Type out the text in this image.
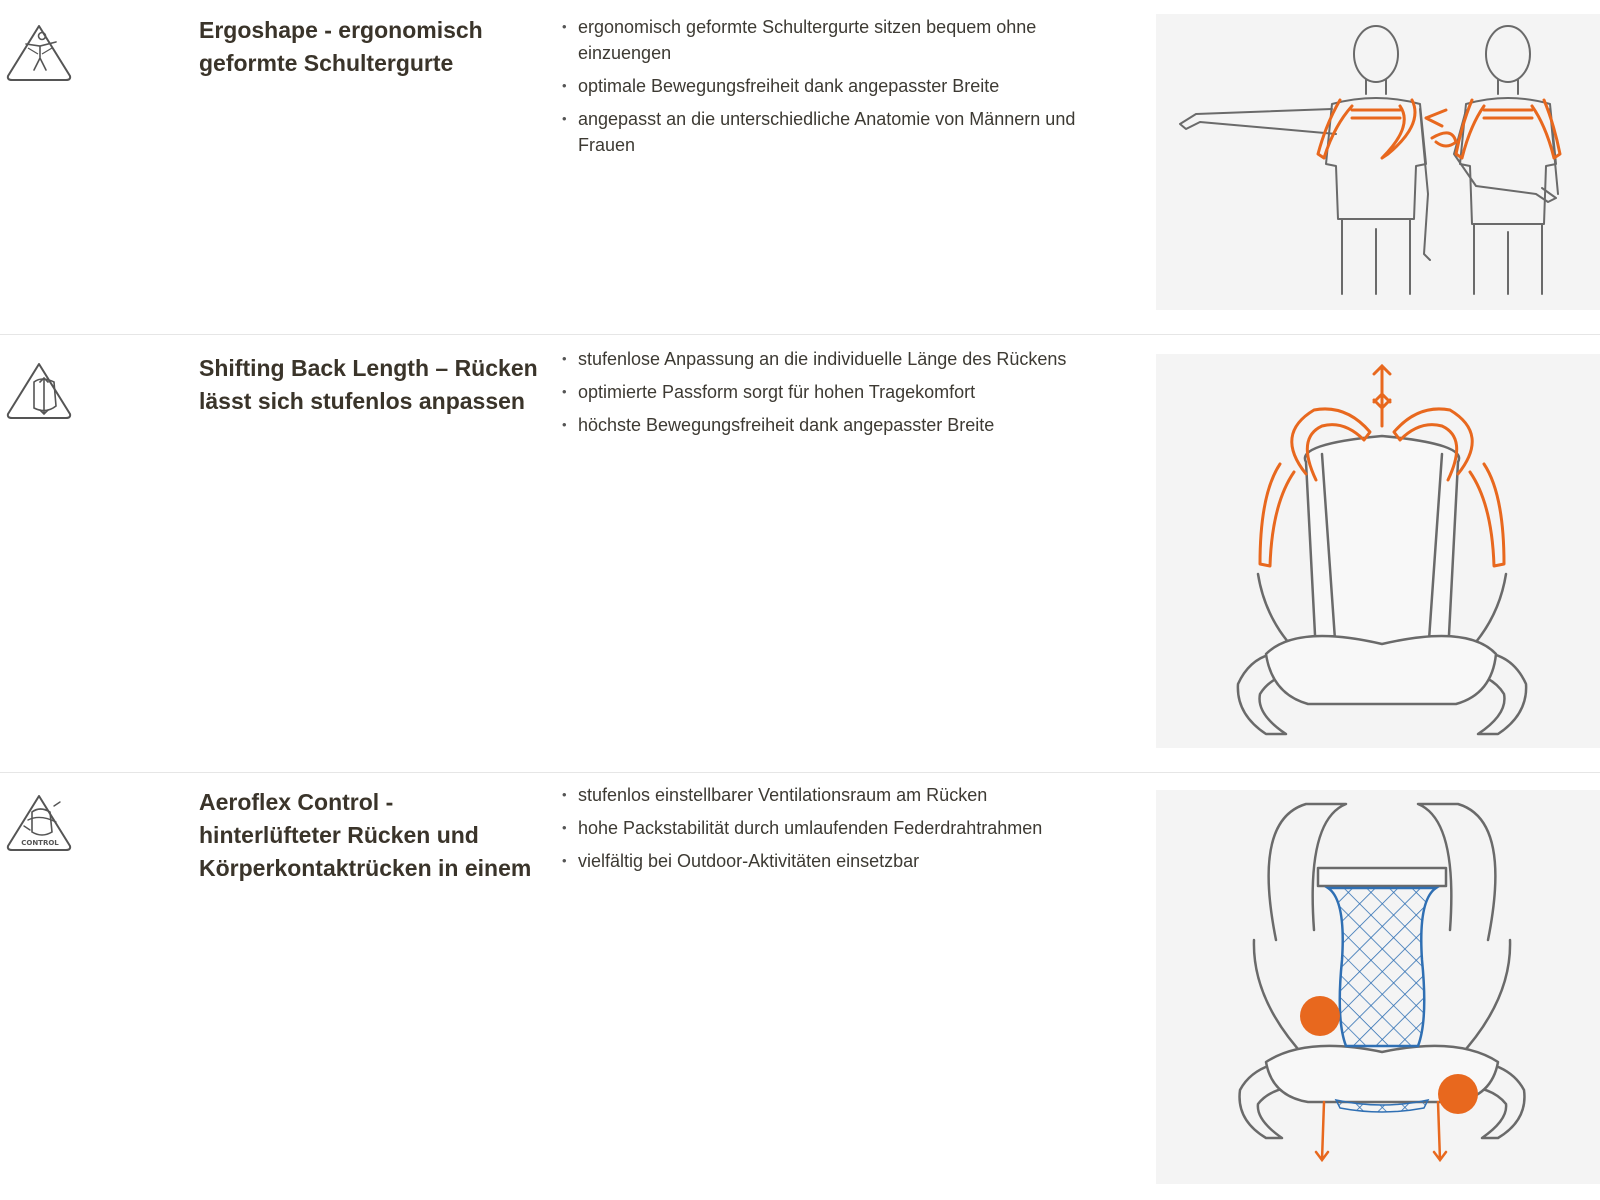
Ergoshape - ergonomisch geformte Schultergurte
• ergonomisch geformte Schultergurte sitzen bequem ohne einzuengen
• optimale Bewegungsfreiheit dank angepasster Breite
• angepasst an die unterschiedliche Anatomie von Männern und Frauen
Shifting Back Length – Rücken lässt sich stufenlos anpassen
• stufenlose Anpassung an die individuelle Länge des Rückens
• optimierte Passform sorgt für hohen Tragekomfort
• höchste Bewegungsfreiheit dank angepasster Breite
CONTROL
Aeroflex Control - hinterlüfteter Rücken und Körperkontaktrücken in einem
• stufenlos einstellbarer Ventilationsraum am Rücken
• hohe Packstabilität durch umlaufenden Federdrahtrahmen
• vielfältig bei Outdoor-Aktivitäten einsetzbar
